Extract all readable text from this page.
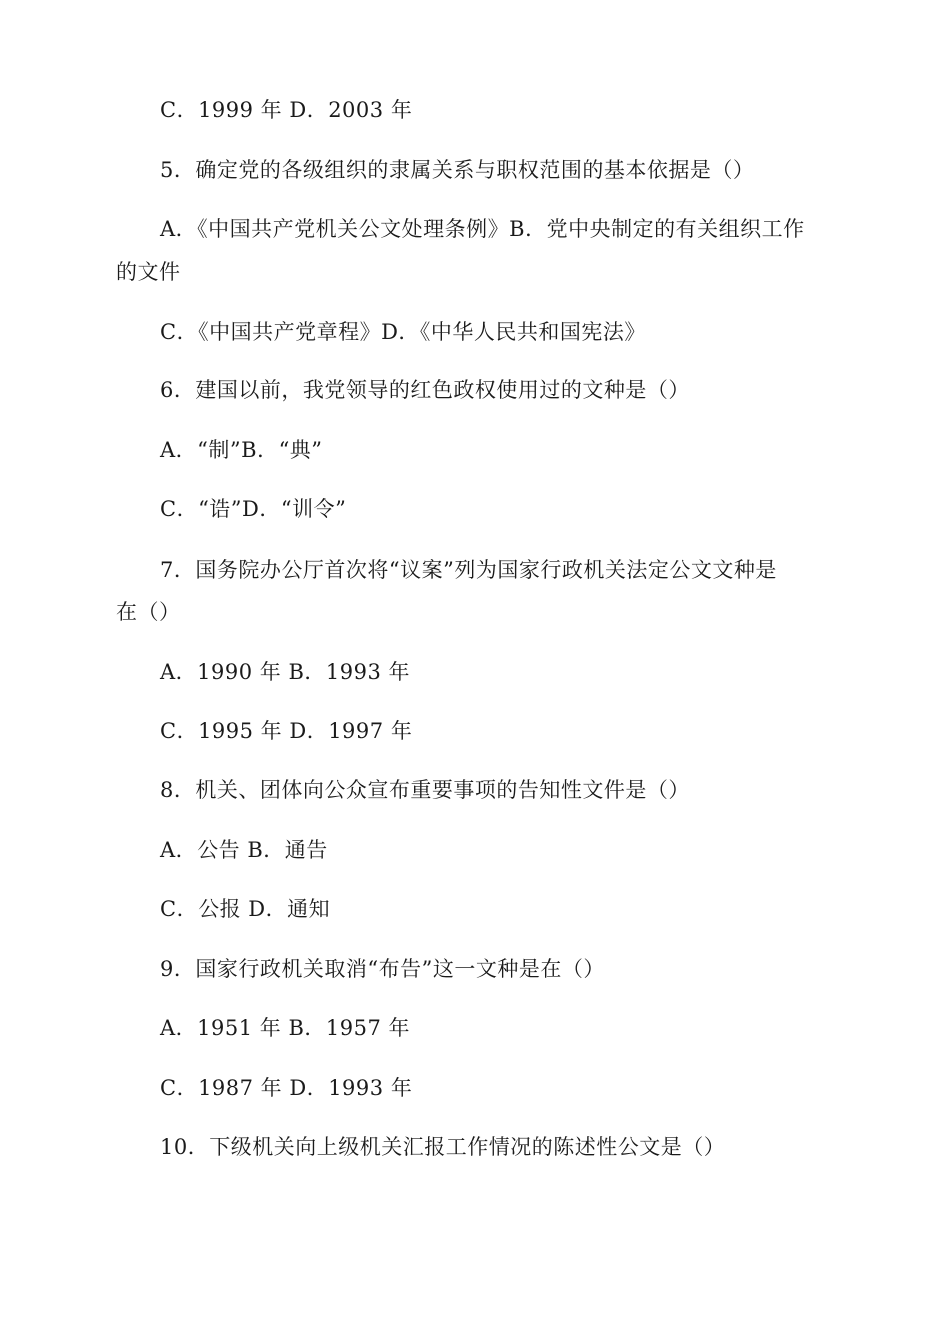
C．1999 年 D．2003 年
5．确定党的各级组织的隶属关系与职权范围的基本依据是（）
A．《中国共产党机关公文处理条例》B．党中央制定的有关组织工作
的文件
C．《中国共产党章程》D．《中华人民共和国宪法》
6．建国以前，我党领导的红色政权使用过的文种是（）
A．“制”B．“典”
C．“诰”D．“训令”
7．国务院办公厅首次将“议案”列为国家行政机关法定公文文种是
在（）
A．1990 年 B．1993 年
C．1995 年 D．1997 年
8．机关、团体向公众宣布重要事项的告知性文件是（）
A．公告 B．通告
C．公报 D．通知
9．国家行政机关取消“布告”这一文种是在（）
A．1951 年 B．1957 年
C．1987 年 D．1993 年
10．下级机关向上级机关汇报工作情况的陈述性公文是（）
